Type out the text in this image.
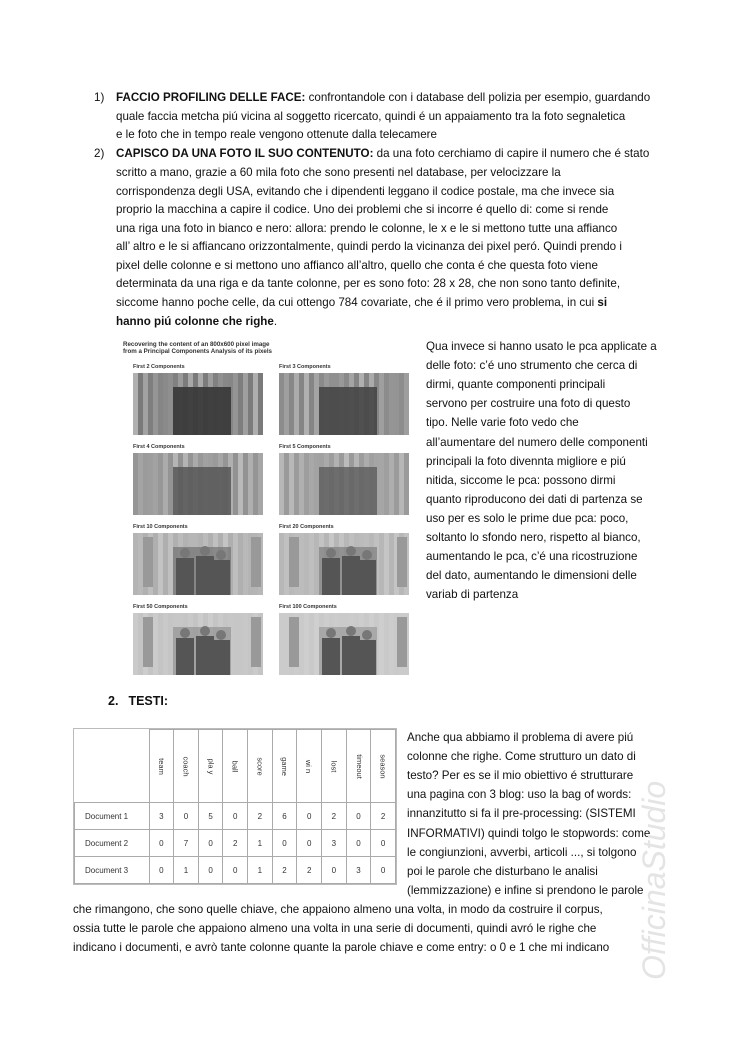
1) FACCIO PROFILING DELLE FACE: confrontandole con i database dell polizia per esempio, guardando
quale faccia metcha piú vicina al soggetto ricercato, quindi é un appaiamento tra la foto segnaletica
e le foto che in tempo reale vengono ottenute dalla telecamere
2) CAPISCO DA UNA FOTO IL SUO CONTENUTO: da una foto cerchiamo di capire il numero che é stato
scritto a mano, grazie a 60 mila foto che sono presenti nel database, per velocizzare la
corrispondenza degli USA, evitando che i dipendenti leggano il codice postale, ma che invece sia
proprio la macchina a capire il codice. Uno dei problemi che si incorre é quello di: come si rende
una riga una foto in bianco e nero: allora: prendo le colonne, le x e le si mettono tutte una affianco
all’ altro e le si affiancano orizzontalmente, quindi perdo la vicinanza dei pixel peró. Quindi prendo i
pixel delle colonne e si mettono uno affianco all’altro, quello che conta é che questa foto viene
determinata da una riga e da tante colonne, per es sono foto: 28 x 28, che non sono tanto definite,
siccome hanno poche celle, da cui ottengo 784 covariate, che é il primo vero problema, in cui si
hanno piú colonne che righe.
Recovering the content of an 800x600 pixel image
from a Principal Components Analysis of its pixels
First 2 Components	First 3 Components
First 4 Components	First 5 Components
First 10 Components	First 20 Components
First 50 Components	First 100 Components
Qua invece si hanno usato le pca applicate a
delle foto: c’é uno strumento che cerca di
dirmi, quante componenti principali
servono per costruire una foto di questo
tipo. Nelle varie foto vedo che
all’aumentare del numero delle componenti
principali la foto divennta migliore e piú
nitida, siccome le pca: possono dirmi
quanto riproducono dei dati di partenza se
uso per es solo le prime due pca: poco,
soltanto lo sfondo nero, rispetto al bianco,
aumentando le pca, c’é una ricostruzione
del dato, aumentando le dimensioni delle
variab di partenza
2. TESTI:
	team	coach	pla y	ball	score	game	wi n	lost	timeout	season
Document 1	3	0	5	0	2	6	0	2	0	2
Document 2	0	7	0	2	1	0	0	3	0	0
Document 3	0	1	0	0	1	2	2	0	3	0
Anche qua abbiamo il problema di avere piú
colonne che righe. Come strutturo un dato di
testo? Per es se il mio obiettivo é strutturare
una pagina con 3 blog: uso la bag of words:
innanzitutto si fa il pre-processing: (SISTEMI
INFORMATIVI) quindi tolgo le stopwords: come
le congiunzioni, avverbi, articoli ..., si tolgono
poi le parole che disturbano le analisi
(lemmizzazione) e infine si prendono le parole
che rimangono, che sono quelle chiave, che appaiono almeno una volta, in modo da costruire il corpus,
ossia tutte le parole che appaiono almeno una volta in una serie di documenti, quindi avró le righe che
indicano i documenti, e avrò tante colonne quante la parole chiave e come entry: o 0 e 1 che mi indicano OfficinaStudio
